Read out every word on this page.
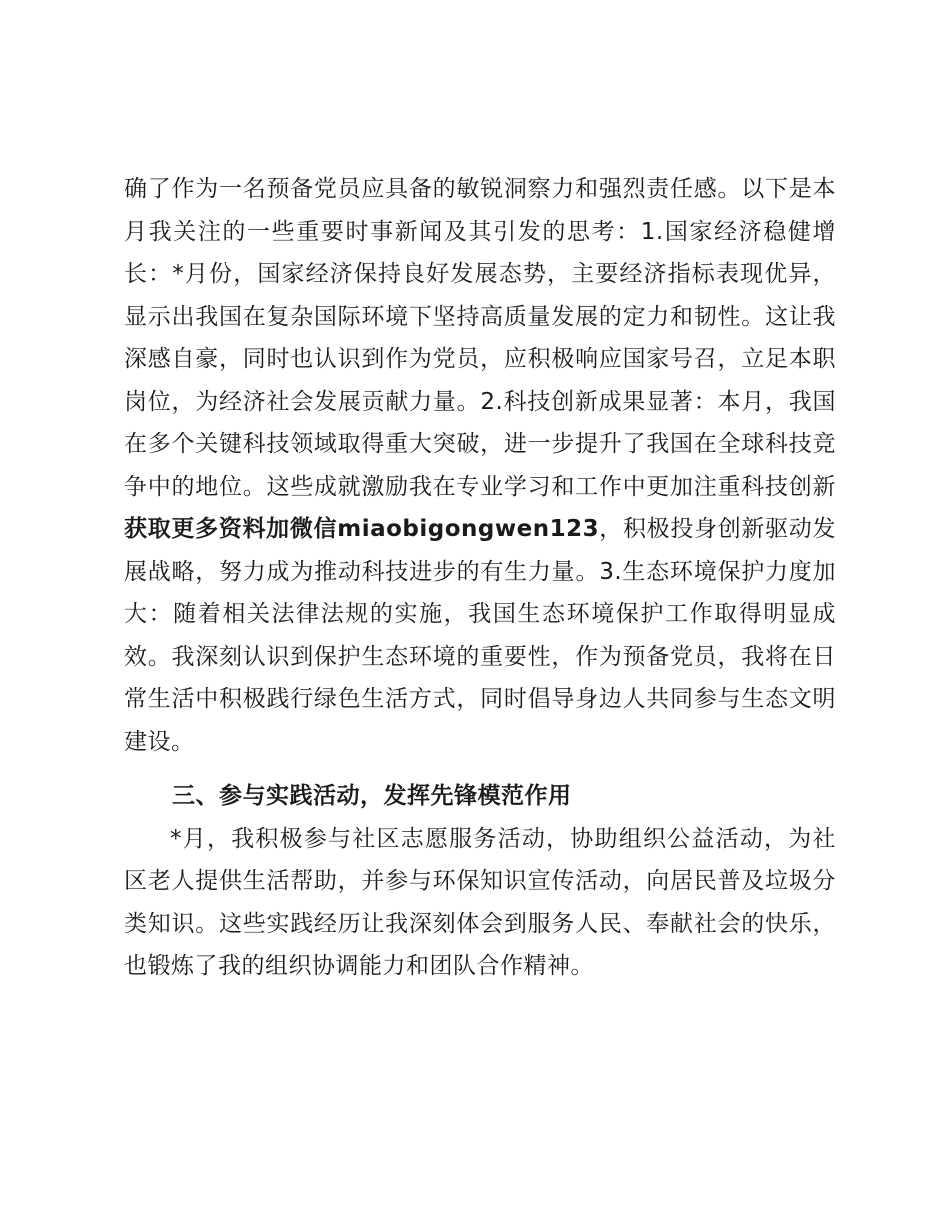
确了作为一名预备党员应具备的敏锐洞察力和强烈责任感。以下是本月我关注的一些重要时事新闻及其引发的思考：1.国家经济稳健增长：*月份，国家经济保持良好发展态势，主要经济指标表现优异，显示出我国在复杂国际环境下坚持高质量发展的定力和韧性。这让我深感自豪，同时也认识到作为党员，应积极响应国家号召，立足本职岗位，为经济社会发展贡献力量。2.科技创新成果显著：本月，我国在多个关键科技领域取得重大突破，进一步提升了我国在全球科技竞争中的地位。这些成就激励我在专业学习和工作中更加注重科技创新获取更多资料加微信miaobigongwen123，积极投身创新驱动发展战略，努力成为推动科技进步的有生力量。3.生态环境保护力度加大：随着相关法律法规的实施，我国生态环境保护工作取得明显成效。我深刻认识到保护生态环境的重要性，作为预备党员，我将在日常生活中积极践行绿色生活方式，同时倡导身边人共同参与生态文明建设。

三、参与实践活动，发挥先锋模范作用

*月，我积极参与社区志愿服务活动，协助组织公益活动，为社区老人提供生活帮助，并参与环保知识宣传活动，向居民普及垃圾分类知识。这些实践经历让我深刻体会到服务人民、奉献社会的快乐，也锻炼了我的组织协调能力和团队合作精神。
